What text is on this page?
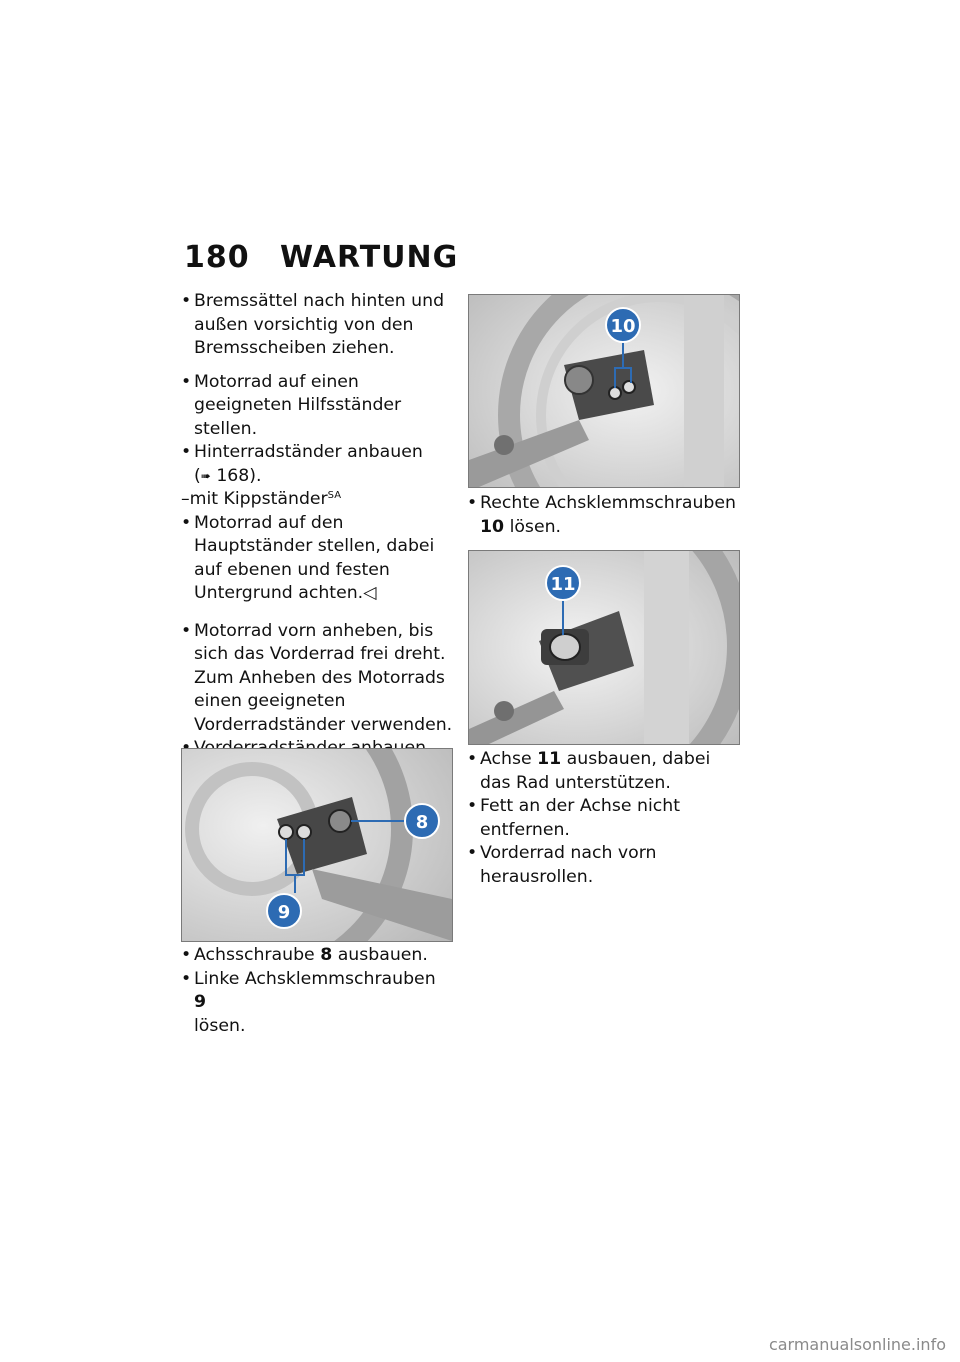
180 WARTUNG

• Bremssättel nach hinten und außen vorsichtig von den Bremsscheiben ziehen.

• Motorrad auf einen geeigneten Hilfsständer stellen.

• Hinterradständer anbauen
(➠ 168).

–mit Kippständer$^{SA}$

• Motorrad auf den Hauptständer stellen, dabei auf ebenen und festen Untergrund achten.◁

• Motorrad vorn anheben, bis sich das Vorderrad frei dreht. Zum Anheben des Motorrads einen geeigneten Vorderradständer verwenden.

• Achsschraube 8 ausbauen.

• Linke Achsklemmschrauben 9
lösen.

• Rechte Achsklemmschrauben 10 lösen.

• Achse 11 ausbauen, dabei das Rad unterstützen.

• Fett an der Achse nicht entfernen.

• Vorderrad nach vorn herausrollen.

10
11
8
9
carmanualsonline.info
